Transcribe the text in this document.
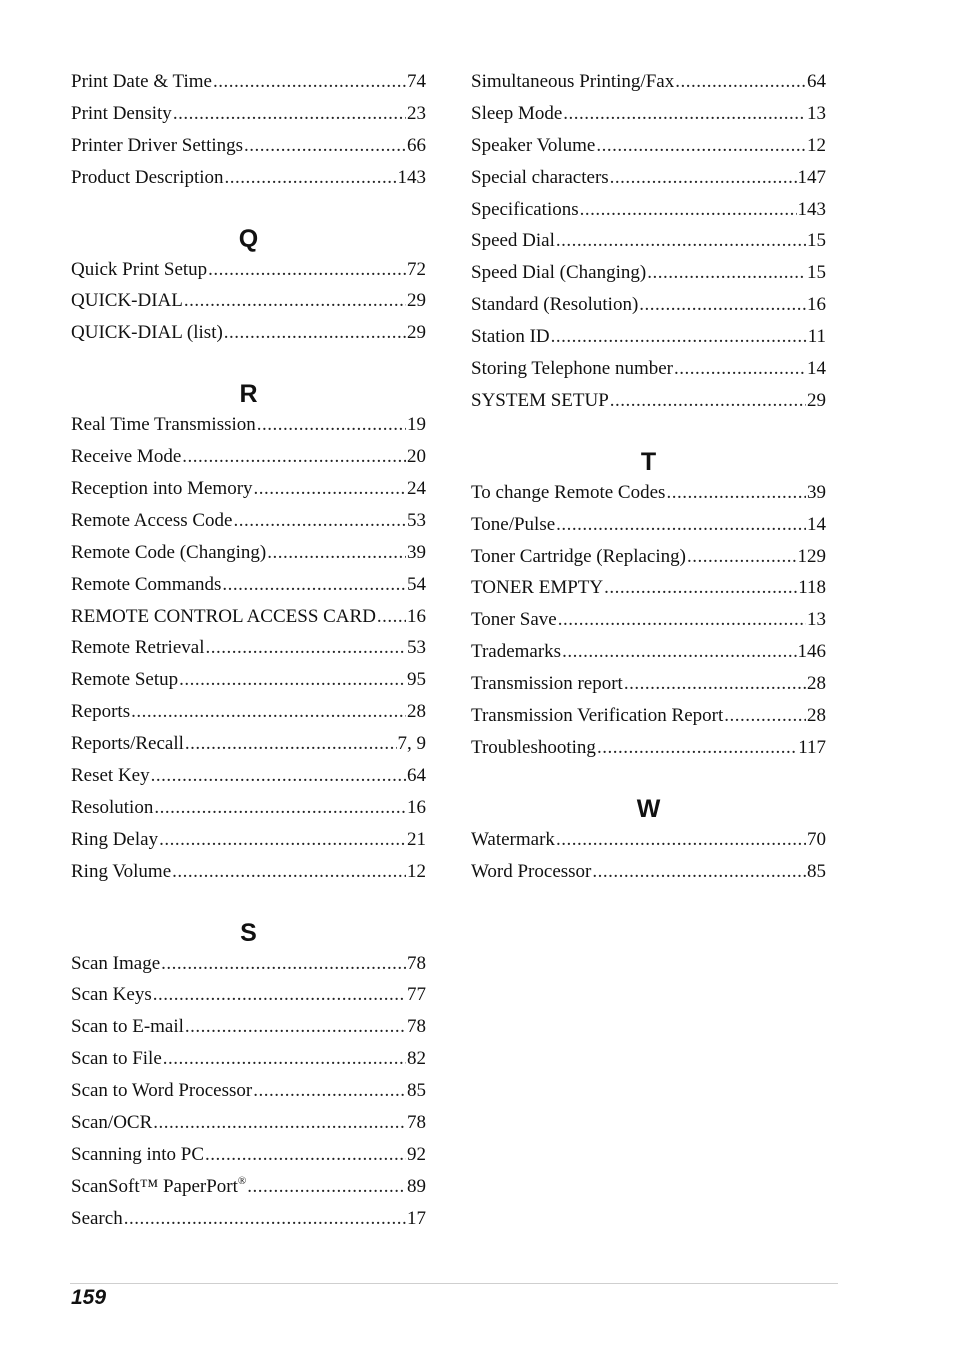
Print Date & Time .....	74
Print Density .....	23
Printer Driver Settings .....	66
Product Description .....	143
Q
Quick Print Setup .....	72
QUICK-DIAL .....	29
QUICK-DIAL (list) .....	29
R
Real Time Transmission .....	19
Receive Mode .....	20
Reception into Memory .....	24
Remote Access Code .....	53
Remote Code (Changing) .....	39
Remote Commands .....	54
REMOTE CONTROL ACCESS CARD ..... 16
Remote Retrieval .....	53
Remote Setup .....	95
Reports .....	28
Reports/Recall .....	7, 9
Reset Key .....	64
Resolution .....	16
Ring Delay .....	21
Ring Volume .....	12
S
Scan Image .....	78
Scan Keys .....	77
Scan to E-mail .....	78
Scan to File .....	82
Scan to Word Processor .....	85
Scan/OCR .....	78
Scanning into PC .....	92
ScanSoft™ PaperPort® .....	89
Search .....	17
Simultaneous Printing/Fax .....	64
Sleep Mode .....	13
Speaker Volume .....	12
Special characters .....	147
Specifications .....	143
Speed Dial .....	15
Speed Dial (Changing) .....	15
Standard (Resolution) .....	16
Station ID .....	11
Storing Telephone number .....	14
SYSTEM SETUP .....	29
T
To change Remote Codes .....	39
Tone/Pulse .....	14
Toner Cartridge (Replacing) .....	129
TONER EMPTY .....	118
Toner Save .....	13
Trademarks .....	146
Transmission report .....	28
Transmission Verification Report .....	28
Troubleshooting .....	117
W
Watermark .....	70
Word Processor .....	85
159
